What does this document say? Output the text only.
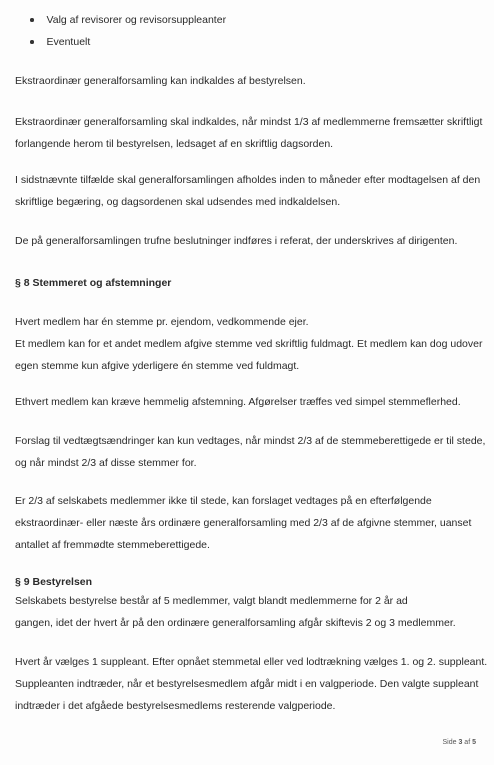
Valg af revisorer og revisorsuppleanter
Eventuelt

Ekstraordinær generalforsamling kan indkaldes af bestyrelsen.

Ekstraordinær generalforsamling skal indkaldes, når mindst 1/3 af medlemmerne fremsætter skriftligt
forlangende herom til bestyrelsen, ledsaget af en skriftlig dagsorden.

I sidstnævnte tilfælde skal generalforsamlingen afholdes inden to måneder efter modtagelsen af den
skriftlige begæring, og dagsordenen skal udsendes med indkaldelsen.

De på generalforsamlingen trufne beslutninger indføres i referat, der underskrives af dirigenten.

§ 8 Stemmeret og afstemninger

Hvert medlem har én stemme pr. ejendom, vedkommende ejer.
Et medlem kan for et andet medlem afgive stemme ved skriftlig fuldmagt. Et medlem kan dog udover
egen stemme kun afgive yderligere én stemme ved fuldmagt.

Ethvert medlem kan kræve hemmelig afstemning. Afgørelser træffes ved simpel stemmeflerhed.

Forslag til vedtægtsændringer kan kun vedtages, når mindst 2/3 af de stemmeberettigede er til stede,
og når mindst 2/3 af disse stemmer for.

Er 2/3 af selskabets medlemmer ikke til stede, kan forslaget vedtages på en efterfølgende
ekstraordinær- eller næste års ordinære generalforsamling med 2/3 af de afgivne stemmer, uanset
antallet af fremmødte stemmeberettigede.

§ 9 Bestyrelsen

Selskabets bestyrelse består af 5 medlemmer, valgt blandt medlemmerne for 2 år ad
gangen, idet der hvert år på den ordinære generalforsamling afgår skiftevis 2 og 3 medlemmer.

Hvert år vælges 1 suppleant. Efter opnået stemmetal eller ved lodtrækning vælges 1. og 2. suppleant.
Suppleanten indtræder, når et bestyrelsesmedlem afgår midt i en valgperiode. Den valgte suppleant
indtræder i det afgåede bestyrelsesmedlems resterende valgperiode.

Side 3 af 5
